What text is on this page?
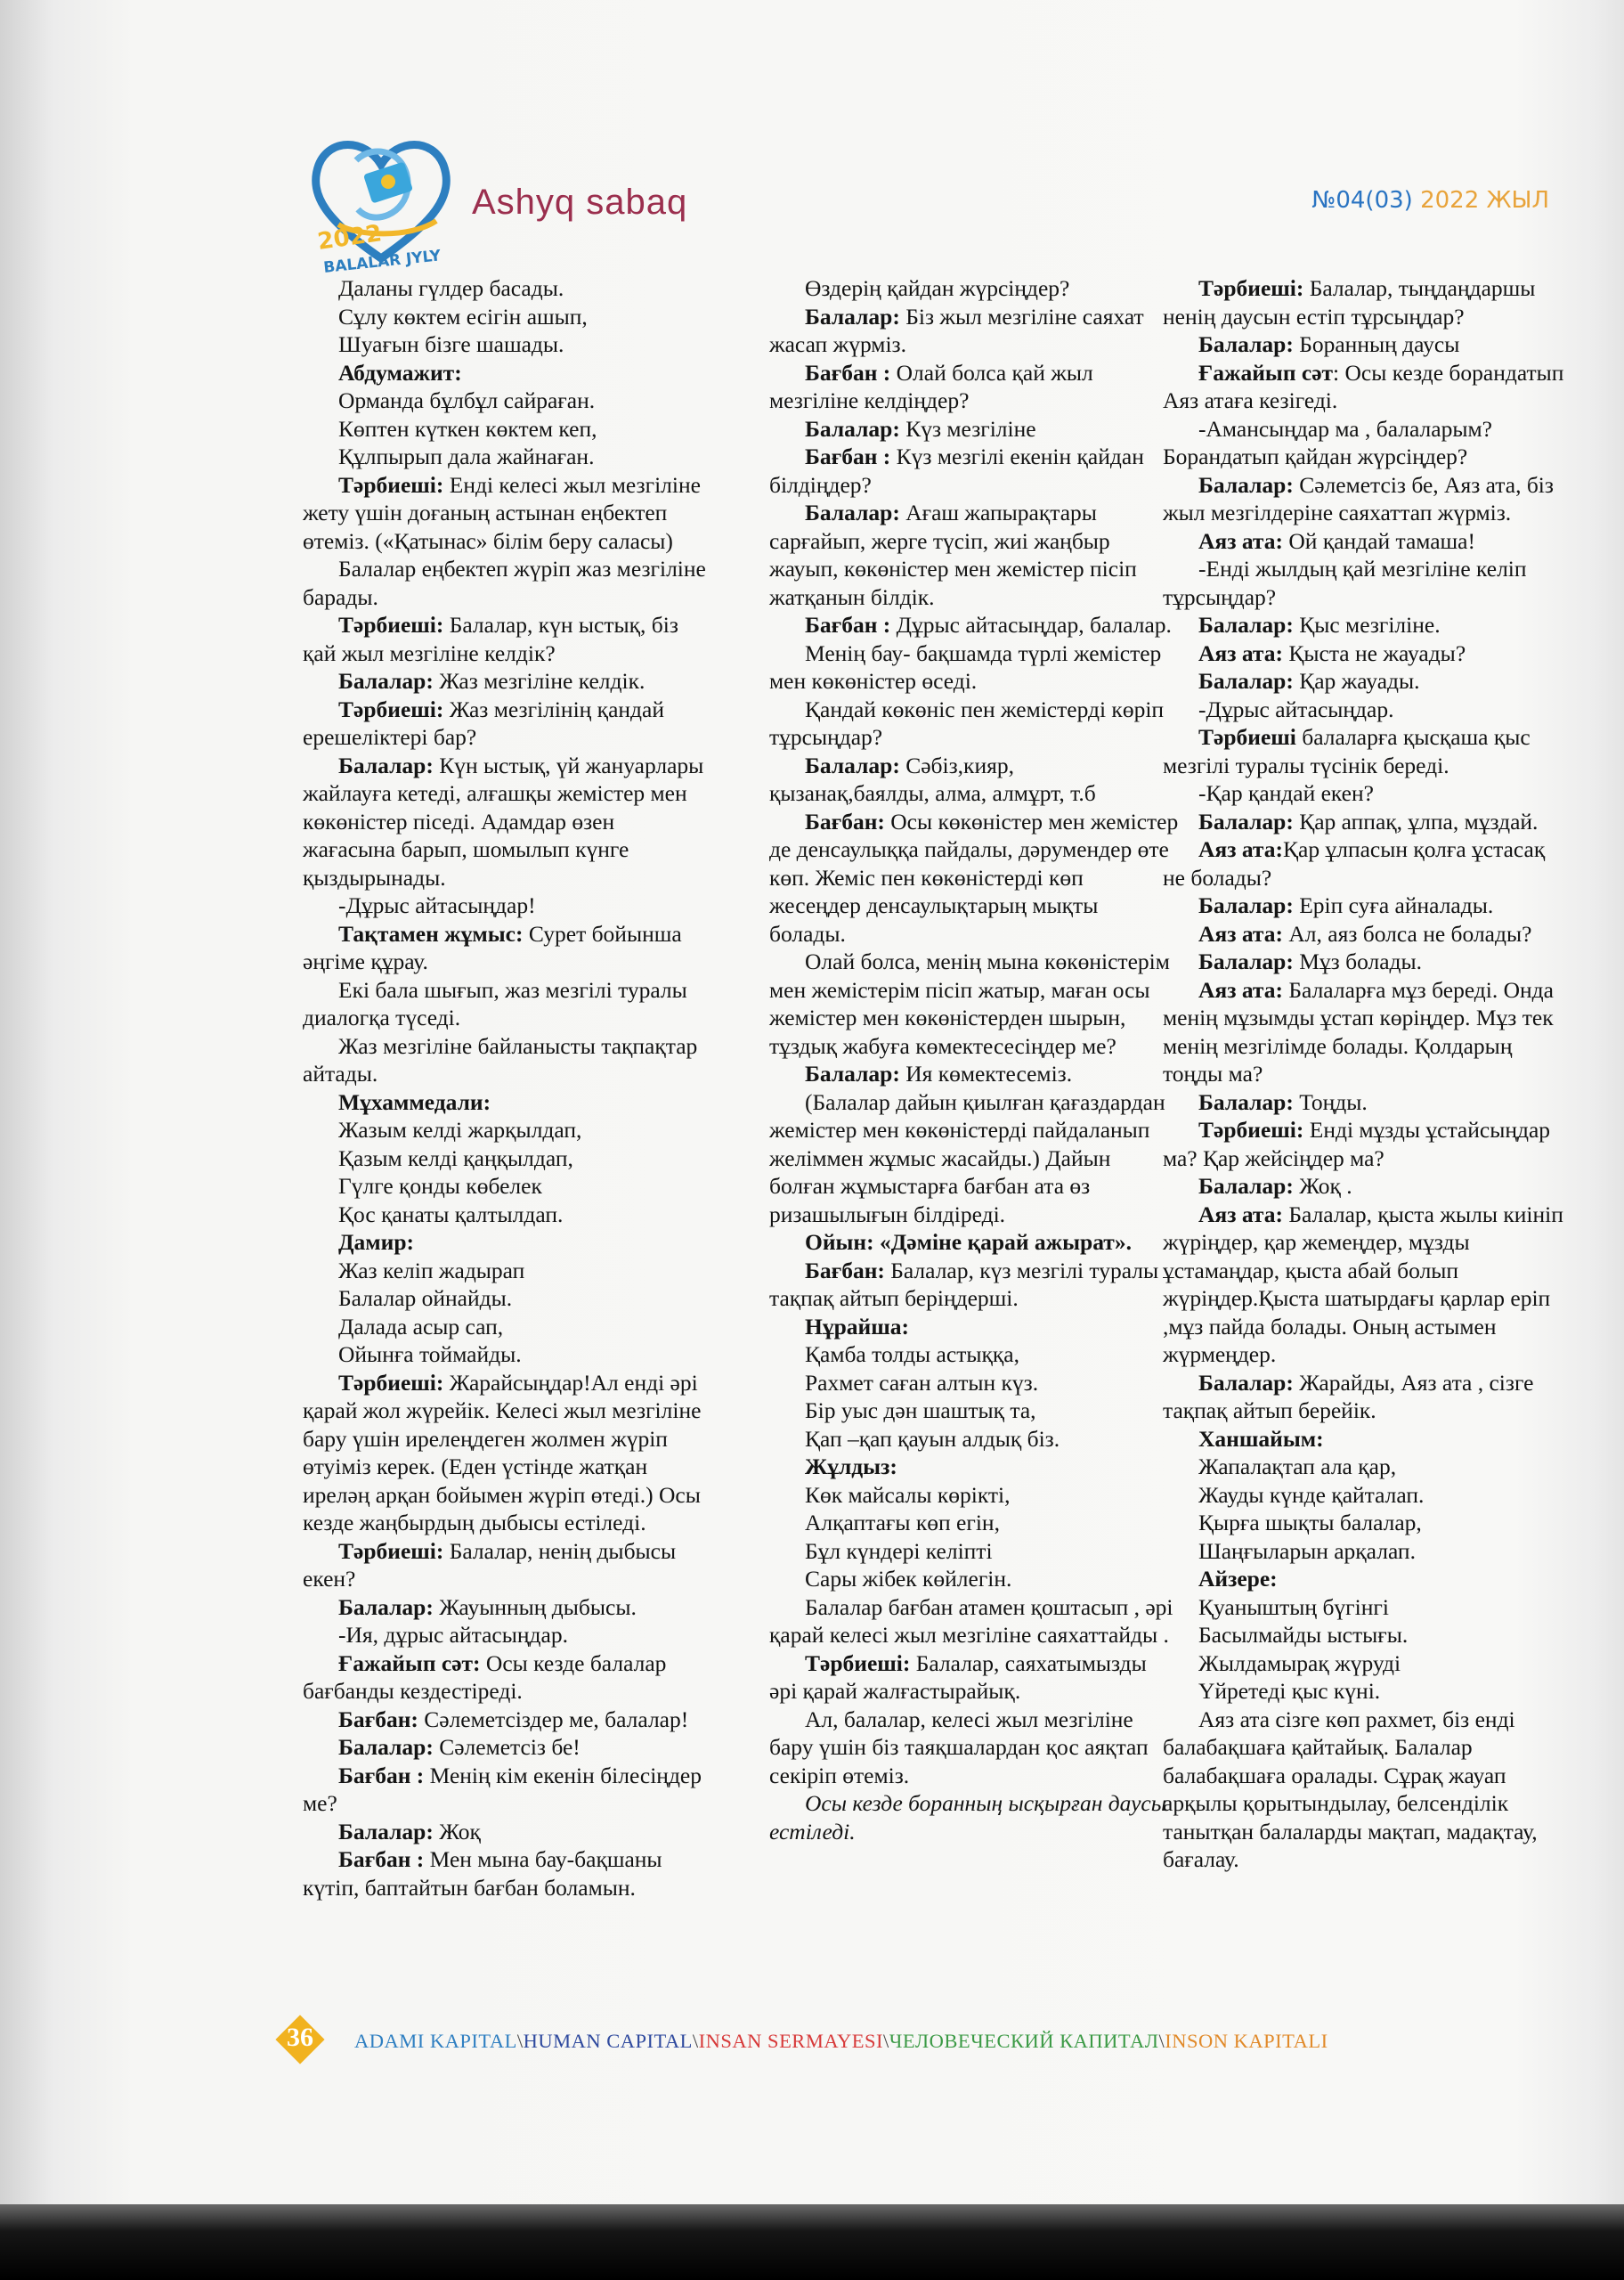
2022
BALALAR JYLY
Ashyq sabaq	№04(03) 2022 ЖЫЛ

Даланы гүлдер басады.

Сұлу көктем есігін ашып,

Шуағын бізге шашады.

Абдумажит:

Орманда бұлбұл сайраған.

Көптен күткен көктем кеп,

Құлпырып дала жайнаған.

Тәрбиеші: Енді келесі жыл мезгіліне жету үшін доғаның астынан еңбектеп өтеміз. («Қатынас» білім беру саласы)

Балалар еңбектеп жүріп жаз мезгіліне барады.

Тәрбиеші: Балалар, күн ыстық, біз қай жыл мезгіліне келдік?

Балалар: Жаз мезгіліне келдік.

Тәрбиеші: Жаз мезгілінің қандай ерешеліктері бар?

Балалар: Күн ыстық, үй жануарлары жайлауға кетеді, алғашқы жемістер мен көкөністер піседі. Адамдар өзен жағасына барып, шомылып күнге қыздырынады.

-Дұрыс айтасыңдар!

Тақтамен жұмыс: Сурет бойынша әңгіме құрау.

Екі бала шығып, жаз мезгілі туралы диалогқа түседі.

Жаз мезгіліне байланысты тақпақтар айтады.

Мұхаммедали:

Жазым келді жарқылдап,

Қазым келді қаңқылдап,

Гүлге қонды көбелек

Қос қанаты қалтылдап.

Дамир:

Жаз келіп жадырап

Балалар ойнайды.

Далада асыр сап,

Ойынға тоймайды.

Тәрбиеші: Жарайсыңдар!Ал енді әрі қарай жол жүрейік. Келесі жыл мезгіліне бару үшін ирелеңдеген жолмен жүріп өтуіміз керек. (Еден үстінде жатқан иреләң арқан бойымен жүріп өтеді.) Осы кезде жаңбырдың дыбысы естіледі.

Тәрбиеші: Балалар, ненің дыбысы екен?

Балалар: Жауынның дыбысы.

-Ия, дұрыс айтасыңдар.

Ғажайып сәт: Осы кезде балалар бағбанды кездестіреді.

Бағбан: Сәлеметсіздер ме, балалар!

Балалар: Сәлеметсіз бе!

Бағбан : Менің кім екенін білесіңдер ме?

Балалар: Жоқ

Бағбан : Мен мына бау-бақшаны күтіп, баптайтын бағбан боламын.

Өздерің қайдан жүрсіңдер?

Балалар: Біз жыл мезгіліне саяхат жасап жүрміз.

Бағбан : Олай болса қай жыл мезгіліне келдіңдер?

Балалар: Күз мезгіліне

Бағбан : Күз мезгілі екенін қайдан білдіңдер?

Балалар: Ағаш жапырақтары сарғайып, жерге түсіп, жиі жаңбыр жауып, көкөністер мен жемістер пісіп жатқанын білдік.

Бағбан : Дұрыс айтасыңдар, балалар.

Менің бау- бақшамда түрлі жемістер мен көкөністер өседі.

Қандай көкөніс пен жемістерді көріп тұрсыңдар?

Балалар: Сәбіз,кияр, қызанақ,баялды, алма, алмұрт, т.б

Бағбан: Осы көкөністер мен жемістер де денсаулыққа пайдалы, дәрумендер өте көп. Жеміс пен көкөністерді көп жесеңдер денсаулықтарың мықты болады.

Олай болса, менің мына көкөністерім мен жемістерім пісіп жатыр, маған осы жемістер мен көкөністерден шырын, тұздық жабуға көмектесесіңдер ме?

Балалар: Ия көмектесеміз.

(Балалар дайын қиылған қағаздардан жемістер мен көкөністерді пайдаланып желіммен жұмыс жасайды.) Дайын болған жұмыстарға бағбан ата өз ризашылығын білдіреді.

Ойын: «Дәміне қарай ажырат».

Бағбан: Балалар, күз мезгілі туралы тақпақ айтып беріңдерші.

Нұрайша:

Қамба толды астыққа,

Рахмет саған алтын күз.

Бір уыс дән шаштық та,

Қап –қап қауын алдық біз.

Жұлдыз:

Көк майсалы көрікті,

Алқаптағы көп егін,

Бұл күндері келіпті

Сары жібек көйлегін.

Балалар бағбан атамен қоштасып , әрі қарай келесі жыл мезгіліне саяхаттайды .

Тәрбиеші: Балалар, саяхатымызды әрі қарай жалғастырайық.

Ал, балалар, келесі жыл мезгіліне бару үшін біз таяқшалардан қос аяқтап секіріп өтеміз.

Осы кезде боранның ысқырған даусы естіледі.

Тәрбиеші: Балалар, тыңдаңдаршы ненің даусын естіп тұрсыңдар?

Балалар: Боранның даусы

Ғажайып сәт: Осы кезде борандатып Аяз атаға кезігеді.

-Амансыңдар ма , балаларым? Борандатып қайдан жүрсіңдер?

Балалар: Сәлеметсіз бе, Аяз ата, біз жыл мезгілдеріне саяхаттап жүрміз.

Аяз ата: Ой қандай тамаша!

-Енді жылдың қай мезгіліне келіп тұрсыңдар?

Балалар: Қыс мезгіліне.

Аяз ата: Қыста не жауады?

Балалар: Қар жауады.

-Дұрыс айтасыңдар.

Тәрбиеші балаларға қысқаша қыс мезгілі туралы түсінік береді.

-Қар қандай екен?

Балалар: Қар аппақ, ұлпа, мұздай.

Аяз ата:Қар ұлпасын қолға ұстасақ не болады?

Балалар: Еріп суға айналады.

Аяз ата: Ал, аяз болса не болады?

Балалар: Мұз болады.

Аяз ата: Балаларға мұз береді. Онда менің мұзымды ұстап көріңдер. Мұз тек менің мезгілімде болады. Қолдарың тоңды ма?

Балалар: Тоңды.

Тәрбиеші: Енді мұзды ұстайсыңдар ма? Қар жейсіңдер ма?

Балалар: Жоқ .

Аяз ата: Балалар, қыста жылы киініп жүріңдер, қар жемеңдер, мұзды ұстамаңдар, қыста абай болып жүріңдер.Қыста шатырдағы қарлар еріп ,мұз пайда болады. Оның астымен жүрмеңдер.

Балалар: Жарайды, Аяз ата , сізге тақпақ айтып берейік.

Ханшайым:

Жапалақтап ала қар,

Жауды күнде қайталап.

Қырға шықты балалар,

Шаңғыларын арқалап.

Айзере:

Қуаныштың бүгінгі

Басылмайды ыстығы.

Жылдамырақ жүруді

Үйретеді қыс күні.

Аяз ата сізге көп рахмет, біз енді балабақшаға қайтайық. Балалар балабақшаға оралады. Сұрақ жауап арқылы қорытындылау, белсенділік танытқан балаларды мақтап, мадақтау, бағалау.

36	ADAMI KAPITAL\HUMAN CAPITAL\INSAN SERMAYESI\ЧЕЛОВЕЧЕСКИЙ КАПИТАЛ\INSON KAPITALI
